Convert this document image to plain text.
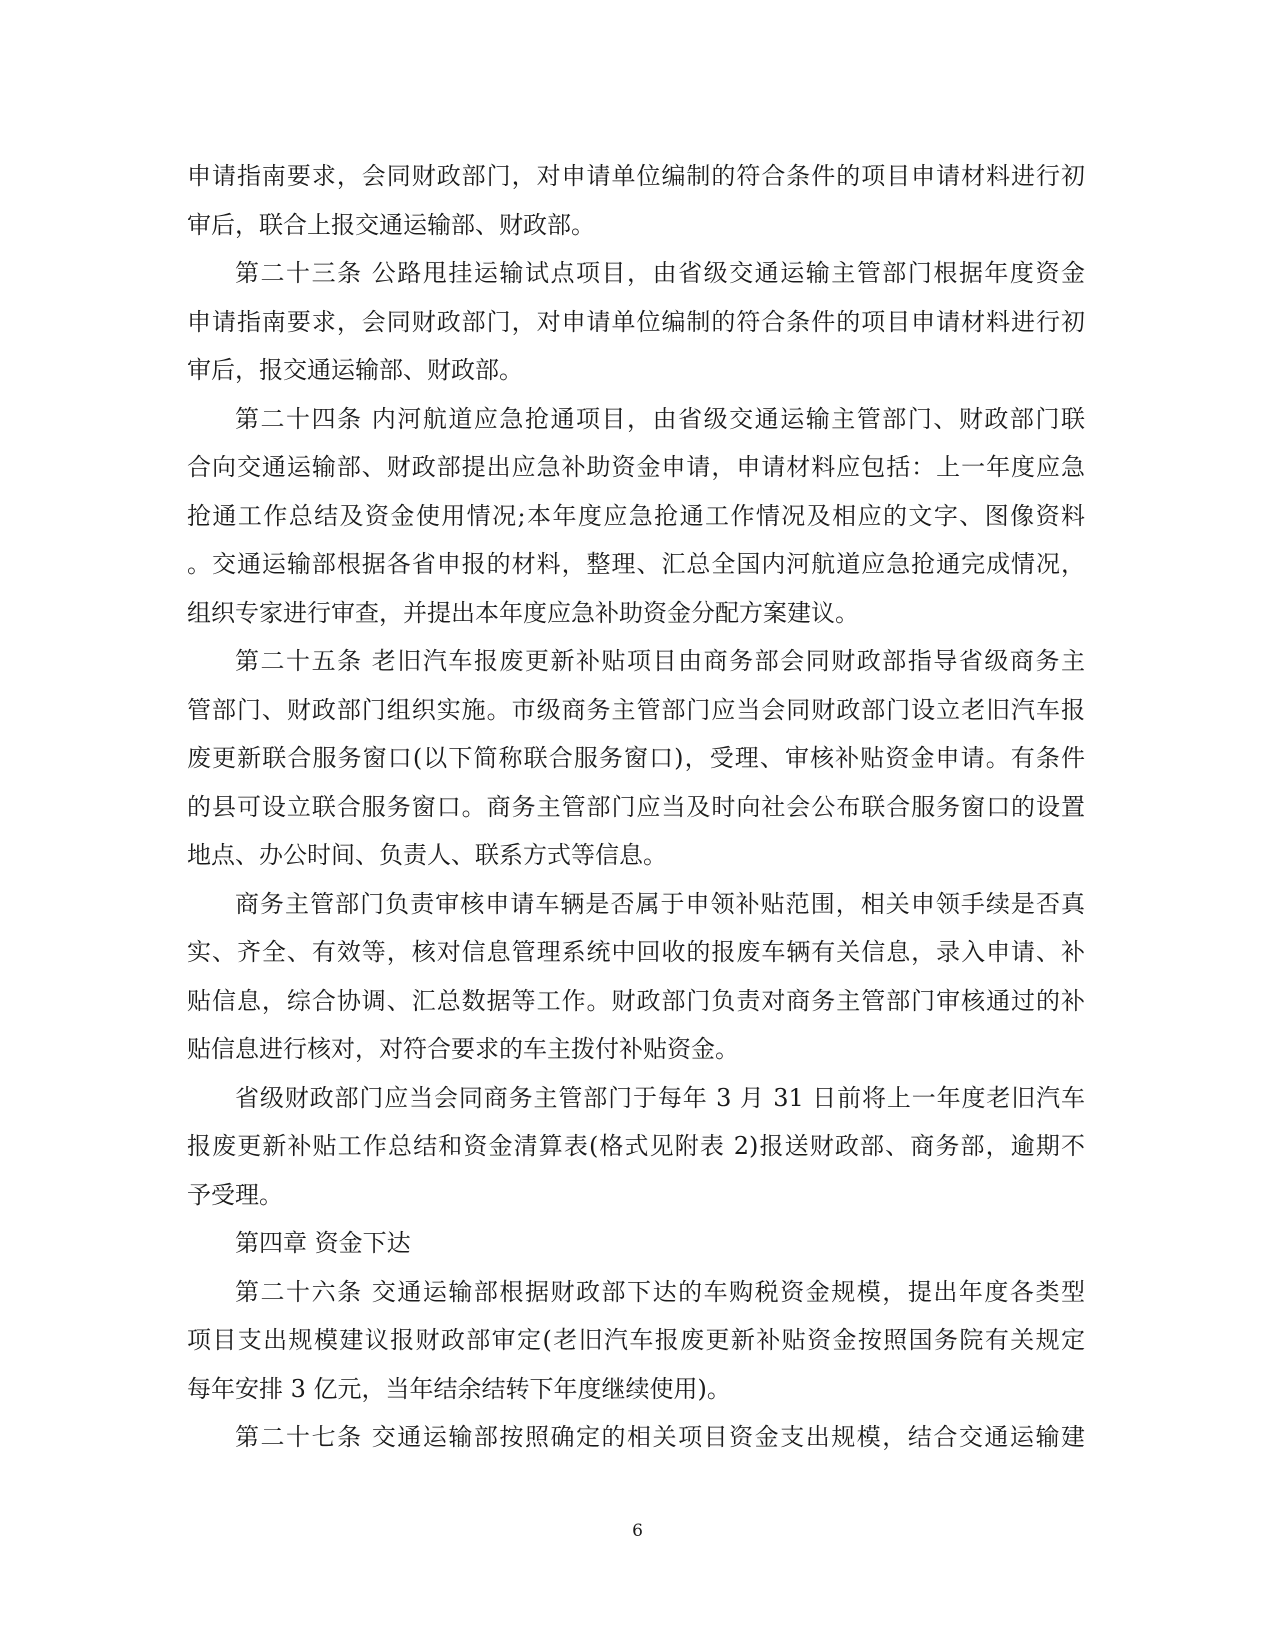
申请指南要求，会同财政部门，对申请单位编制的符合条件的项目申请材料进行初
审后，联合上报交通运输部、财政部。
第二十三条 公路甩挂运输试点项目，由省级交通运输主管部门根据年度资金
申请指南要求，会同财政部门，对申请单位编制的符合条件的项目申请材料进行初
审后，报交通运输部、财政部。
第二十四条 内河航道应急抢通项目，由省级交通运输主管部门、财政部门联
合向交通运输部、财政部提出应急补助资金申请，申请材料应包括：上一年度应急
抢通工作总结及资金使用情况;本年度应急抢通工作情况及相应的文字、图像资料
。交通运输部根据各省申报的材料，整理、汇总全国内河航道应急抢通完成情况，
组织专家进行审查，并提出本年度应急补助资金分配方案建议。
第二十五条 老旧汽车报废更新补贴项目由商务部会同财政部指导省级商务主
管部门、财政部门组织实施。市级商务主管部门应当会同财政部门设立老旧汽车报
废更新联合服务窗口(以下简称联合服务窗口)，受理、审核补贴资金申请。有条件
的县可设立联合服务窗口。商务主管部门应当及时向社会公布联合服务窗口的设置
地点、办公时间、负责人、联系方式等信息。
商务主管部门负责审核申请车辆是否属于申领补贴范围，相关申领手续是否真
实、齐全、有效等，核对信息管理系统中回收的报废车辆有关信息，录入申请、补
贴信息，综合协调、汇总数据等工作。财政部门负责对商务主管部门审核通过的补
贴信息进行核对，对符合要求的车主拨付补贴资金。
省级财政部门应当会同商务主管部门于每年 3 月 31 日前将上一年度老旧汽车
报废更新补贴工作总结和资金清算表(格式见附表 2)报送财政部、商务部，逾期不
予受理。
第四章 资金下达
第二十六条 交通运输部根据财政部下达的车购税资金规模，提出年度各类型
项目支出规模建议报财政部审定(老旧汽车报废更新补贴资金按照国务院有关规定
每年安排 3 亿元，当年结余结转下年度继续使用)。
第二十七条 交通运输部按照确定的相关项目资金支出规模，结合交通运输建
6
